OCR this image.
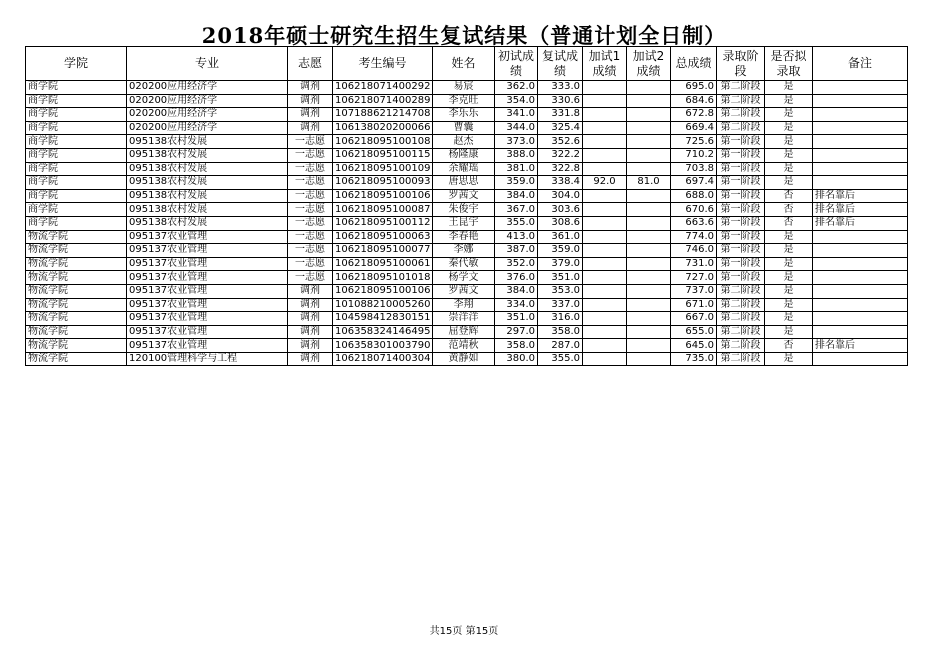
2018年硕士研究生招生复试结果（普通计划全日制）
学院	专业	志愿	考生编号	姓名	初试成绩	复试成绩	加试1成绩	加试2成绩	总成绩	录取阶段	是否拟录取	备注
商学院	020200应用经济学	调剂	106218071400292	易宸	362.0	333.0			695.0	第二阶段	是	
商学院	020200应用经济学	调剂	106218071400289	李克旺	354.0	330.6			684.6	第二阶段	是	
商学院	020200应用经济学	调剂	107188621214708	李乐乐	341.0	331.8			672.8	第二阶段	是	
商学院	020200应用经济学	调剂	106138020200066	曹囊	344.0	325.4			669.4	第二阶段	是	
商学院	095138农村发展	一志愿	106218095100108	赵杰	373.0	352.6			725.6	第一阶段	是	
商学院	095138农村发展	一志愿	106218095100115	杨隆康	388.0	322.2			710.2	第一阶段	是	
商学院	095138农村发展	一志愿	106218095100109	余耀瑶	381.0	322.8			703.8	第一阶段	是	
商学院	095138农村发展	一志愿	106218095100093	唐思思	359.0	338.4	92.0	81.0	697.4	第一阶段	是	
商学院	095138农村发展	一志愿	106218095100106	罗茜文	384.0	304.0			688.0	第一阶段	否	排名靠后
商学院	095138农村发展	一志愿	106218095100087	朱俊宇	367.0	303.6			670.6	第一阶段	否	排名靠后
商学院	095138农村发展	一志愿	106218095100112	王昆宇	355.0	308.6			663.6	第一阶段	否	排名靠后
物流学院	095137农业管理	一志愿	106218095100063	李春艳	413.0	361.0			774.0	第一阶段	是	
物流学院	095137农业管理	一志愿	106218095100077	李娜	387.0	359.0			746.0	第一阶段	是	
物流学院	095137农业管理	一志愿	106218095100061	秦代敏	352.0	379.0			731.0	第一阶段	是	
物流学院	095137农业管理	一志愿	106218095101018	杨学文	376.0	351.0			727.0	第一阶段	是	
物流学院	095137农业管理	调剂	106218095100106	罗茜文	384.0	353.0			737.0	第二阶段	是	
物流学院	095137农业管理	调剂	101088210005260	李翔	334.0	337.0			671.0	第二阶段	是	
物流学院	095137农业管理	调剂	104598412830151	崇洋洋	351.0	316.0			667.0	第二阶段	是	
物流学院	095137农业管理	调剂	106358324146495	屈登辉	297.0	358.0			655.0	第二阶段	是	
物流学院	095137农业管理	调剂	106358301003790	范靖秋	358.0	287.0			645.0	第二阶段	否	排名靠后
物流学院	120100管理科学与工程	调剂	106218071400304	黄静如	380.0	355.0			735.0	第二阶段	是	
共15页 第15页
